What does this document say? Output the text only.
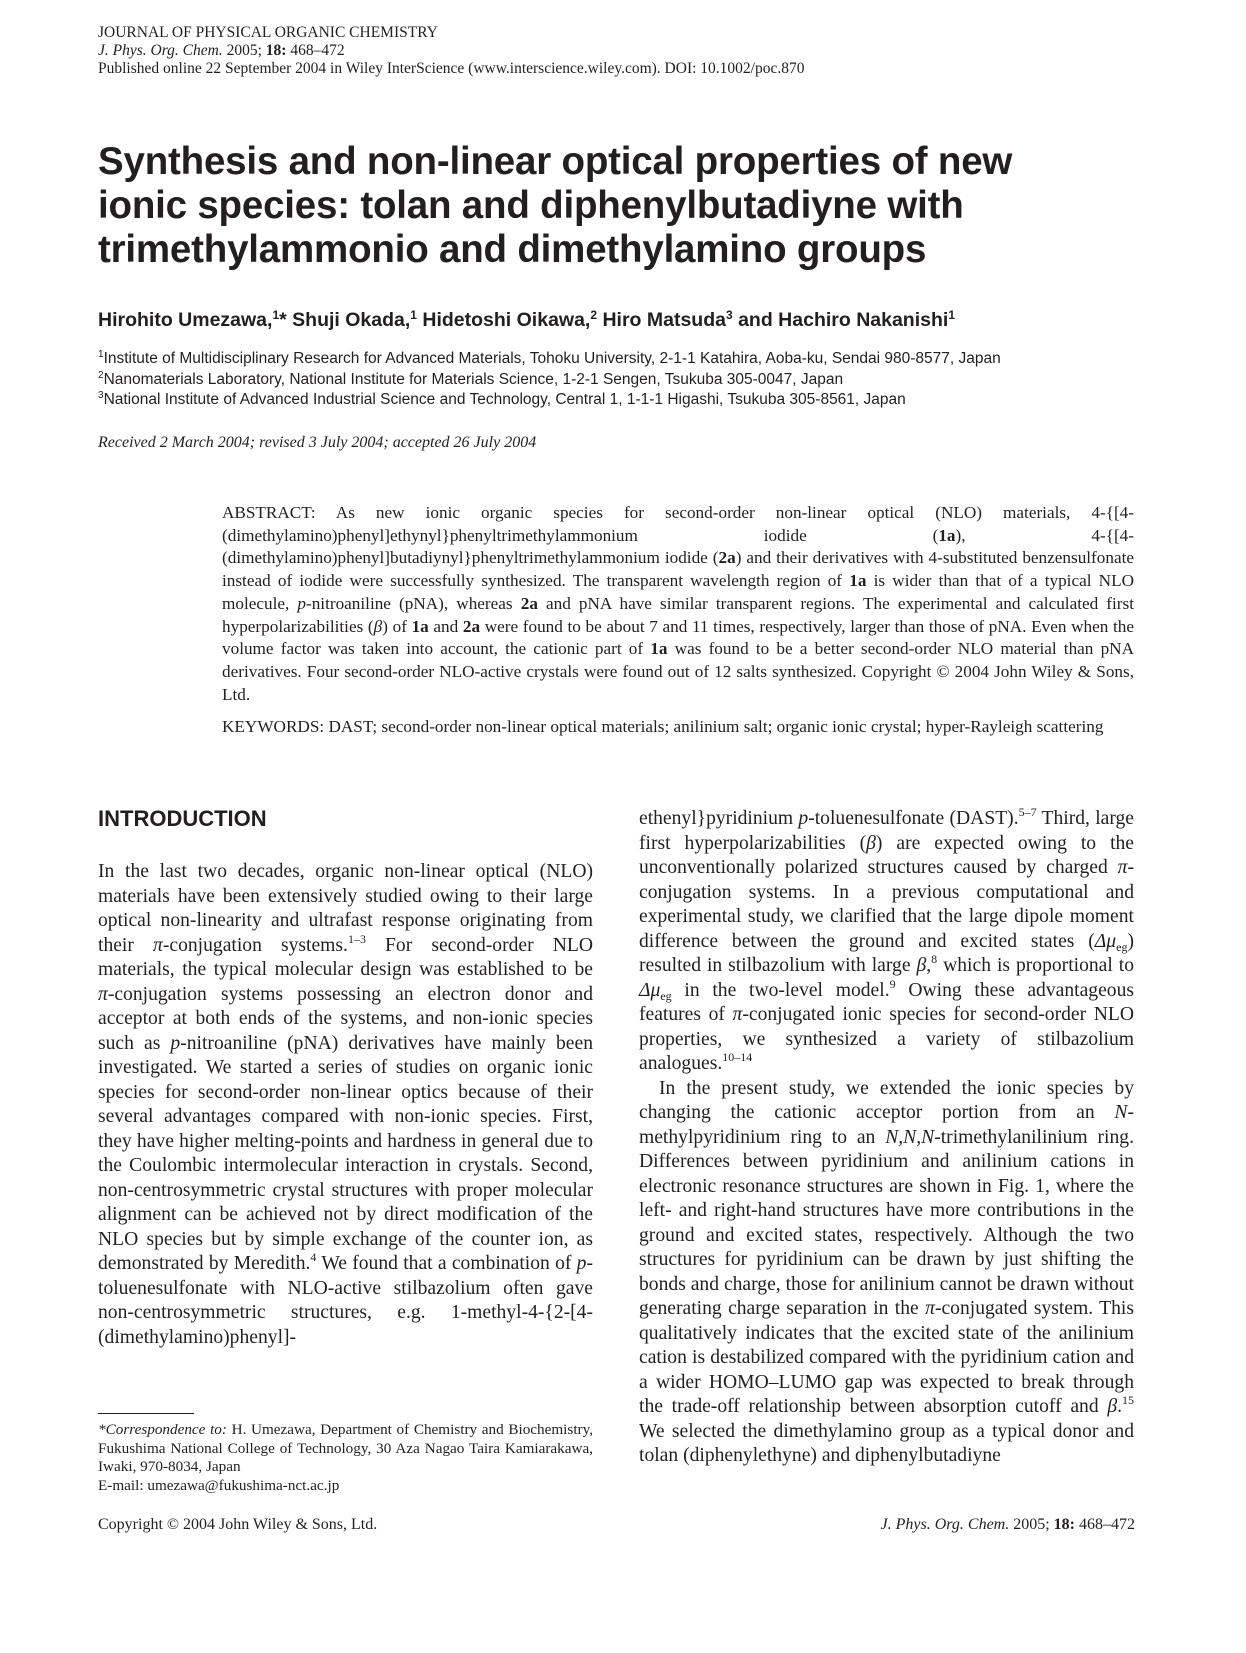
JOURNAL OF PHYSICAL ORGANIC CHEMISTRY
J. Phys. Org. Chem. 2005; 18: 468–472
Published online 22 September 2004 in Wiley InterScience (www.interscience.wiley.com). DOI: 10.1002/poc.870
Synthesis and non-linear optical properties of new
ionic species: tolan and diphenylbutadiyne with
trimethylammonio and dimethylamino groups
Hirohito Umezawa,$^1$* Shuji Okada,$^1$ Hidetoshi Oikawa,$^2$ Hiro Matsuda$^3$ and Hachiro Nakanishi$^1$
$^1$Institute of Multidisciplinary Research for Advanced Materials, Tohoku University, 2-1-1 Katahira, Aoba-ku, Sendai 980-8577, Japan
$^2$Nanomaterials Laboratory, National Institute for Materials Science, 1-2-1 Sengen, Tsukuba 305-0047, Japan
$^3$National Institute of Advanced Industrial Science and Technology, Central 1, 1-1-1 Higashi, Tsukuba 305-8561, Japan
Received 2 March 2004; revised 3 July 2004; accepted 26 July 2004
ABSTRACT: As new ionic organic species for second-order non-linear optical (NLO) materials, 4-{[4-(dimethylamino)phenyl]ethynyl}phenyltrimethylammonium iodide (1a), 4-{[4-(dimethylamino)phenyl]butadiynyl}phenyltrimethylammonium iodide (2a) and their derivatives with 4-substituted benzensulfonate instead of iodide were successfully synthesized. The transparent wavelength region of 1a is wider than that of a typical NLO molecule, p-nitroaniline (pNA), whereas 2a and pNA have similar transparent regions. The experimental and calculated first hyperpolarizabilities (β) of 1a and 2a were found to be about 7 and 11 times, respectively, larger than those of pNA. Even when the volume factor was taken into account, the cationic part of 1a was found to be a better second-order NLO material than pNA derivatives. Four second-order NLO-active crystals were found out of 12 salts synthesized. Copyright © 2004 John Wiley & Sons, Ltd.
KEYWORDS: DAST; second-order non-linear optical materials; anilinium salt; organic ionic crystal; hyper-Rayleigh scattering
INTRODUCTION

In the last two decades, organic non-linear optical (NLO) materials have been extensively studied owing to their large optical non-linearity and ultrafast response originating from their π-conjugation systems.$^{1-3}$ For second-order NLO materials, the typical molecular design was established to be π-conjugation systems possessing an electron donor and acceptor at both ends of the systems, and non-ionic species such as p-nitroaniline (pNA) derivatives have mainly been investigated. We started a series of studies on organic ionic species for second-order non-linear optics because of their several advantages compared with non-ionic species. First, they have higher melting-points and hardness in general due to the Coulombic intermolecular interaction in crystals. Second, non-centrosymmetric crystal structures with proper molecular alignment can be achieved not by direct modification of the NLO species but by simple exchange of the counter ion, as demonstrated by Meredith.$^4$ We found that a combination of p-toluenesulfonate with NLO-active stilbazolium often gave non-centrosymmetric structures, e.g. 1-methyl-4-{2-[4-(dimethylamino)phenyl]-

ethenyl}pyridinium p-toluenesulfonate (DAST).$^{5-7}$ Third, large first hyperpolarizabilities (β) are expected owing to the unconventionally polarized structures caused by charged π-conjugation systems. In a previous computational and experimental study, we clarified that the large dipole moment difference between the ground and excited states $(\Delta\mu_{eg})$ resulted in stilbazolium with large β,$^8$ which is proportional to $\Delta\mu_{eg}$ in the two-level model.$^9$ Owing these advantageous features of π-conjugated ionic species for second-order NLO properties, we synthesized a variety of stilbazolium analogues.$^{10-14}$

In the present study, we extended the ionic species by changing the cationic acceptor portion from an N-methylpyridinium ring to an N,N,N-trimethylanilinium ring. Differences between pyridinium and anilinium cations in electronic resonance structures are shown in Fig. 1, where the left- and right-hand structures have more contributions in the ground and excited states, respectively. Although the two structures for pyridinium can be drawn by just shifting the bonds and charge, those for anilinium cannot be drawn without generating charge separation in the π-conjugated system. This qualitatively indicates that the excited state of the anilinium cation is destabilized compared with the pyridinium cation and a wider HOMO–LUMO gap was expected to break through the trade-off relationship between absorption cutoff and β.$^{15}$ We selected the dimethylamino group as a typical donor and tolan (diphenylethyne) and diphenylbutadiyne

*Correspondence to: H. Umezawa, Department of Chemistry and Biochemistry, Fukushima National College of Technology, 30 Aza Nagao Taira Kamiarakawa, Iwaki, 970-8034, Japan
E-mail: umezawa@fukushima-nct.ac.jp
Copyright © 2004 John Wiley & Sons, Ltd.	J. Phys. Org. Chem. 2005; 18: 468–472
